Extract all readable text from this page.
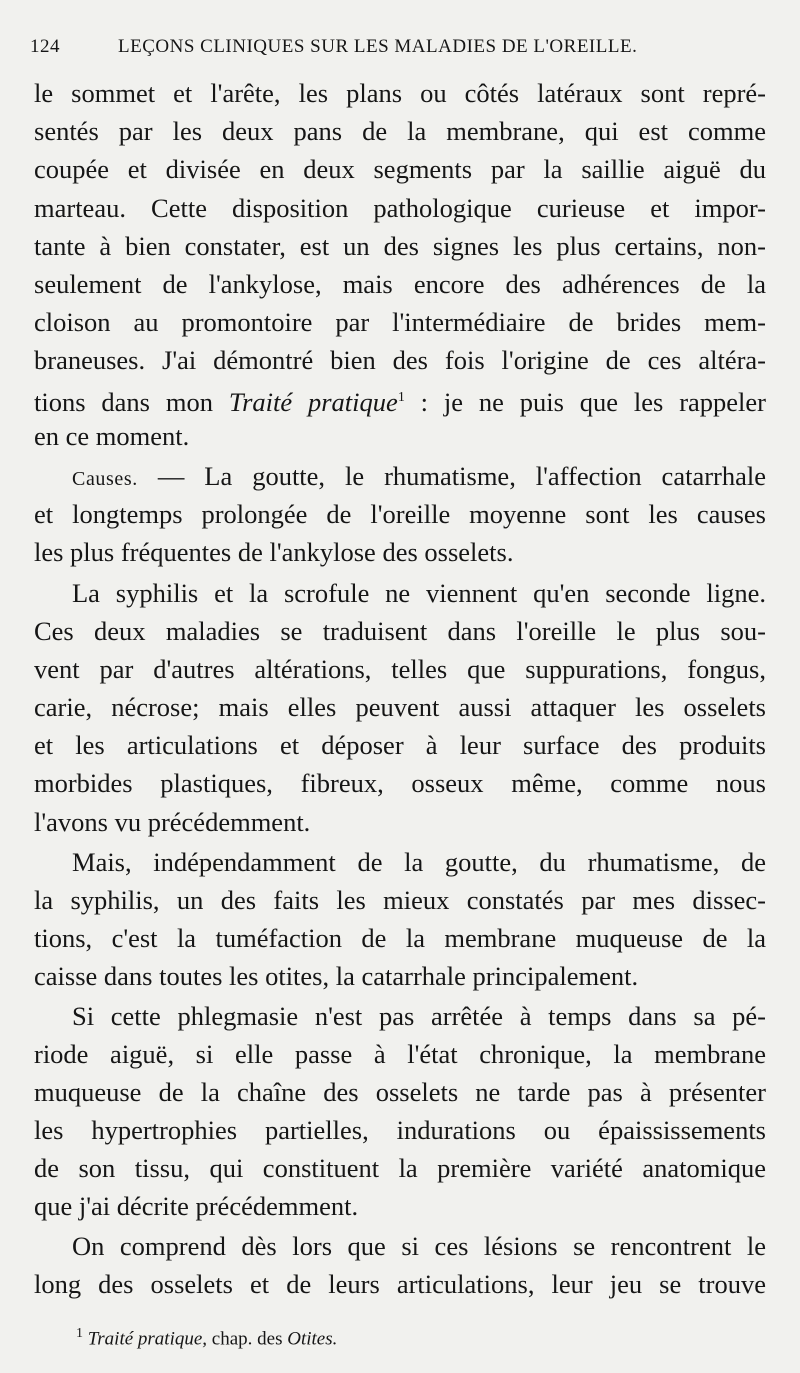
124	LEÇONS CLINIQUES SUR LES MALADIES DE L'OREILLE.
le sommet et l'arête, les plans ou côtés latéraux sont repré-
sentés par les deux pans de la membrane, qui est comme
coupée et divisée en deux segments par la saillie aiguë du
marteau. Cette disposition pathologique curieuse et impor-
tante à bien constater, est un des signes les plus certains, non-
seulement de l'ankylose, mais encore des adhérences de la
cloison au promontoire par l'intermédiaire de brides mem-
braneuses. J'ai démontré bien des fois l'origine de ces altéra-
tions dans mon Traité pratique$^1$ : je ne puis que les rappeler
en ce moment.
Causes. — La goutte, le rhumatisme, l'affection catarrhale
et longtemps prolongée de l'oreille moyenne sont les causes
les plus fréquentes de l'ankylose des osselets.
La syphilis et la scrofule ne viennent qu'en seconde ligne.
Ces deux maladies se traduisent dans l'oreille le plus sou-
vent par d'autres altérations, telles que suppurations, fongus,
carie, nécrose; mais elles peuvent aussi attaquer les osselets
et les articulations et déposer à leur surface des produits
morbides plastiques, fibreux, osseux même, comme nous
l'avons vu précédemment.
Mais, indépendamment de la goutte, du rhumatisme, de
la syphilis, un des faits les mieux constatés par mes dissec-
tions, c'est la tuméfaction de la membrane muqueuse de la
caisse dans toutes les otites, la catarrhale principalement.
Si cette phlegmasie n'est pas arrêtée à temps dans sa pé-
riode aiguë, si elle passe à l'état chronique, la membrane
muqueuse de la chaîne des osselets ne tarde pas à présenter
les hypertrophies partielles, indurations ou épaississements
de son tissu, qui constituent la première variété anatomique
que j'ai décrite précédemment.
On comprend dès lors que si ces lésions se rencontrent le
long des osselets et de leurs articulations, leur jeu se trouve
$^1$ Traité pratique, chap. des Otites.
